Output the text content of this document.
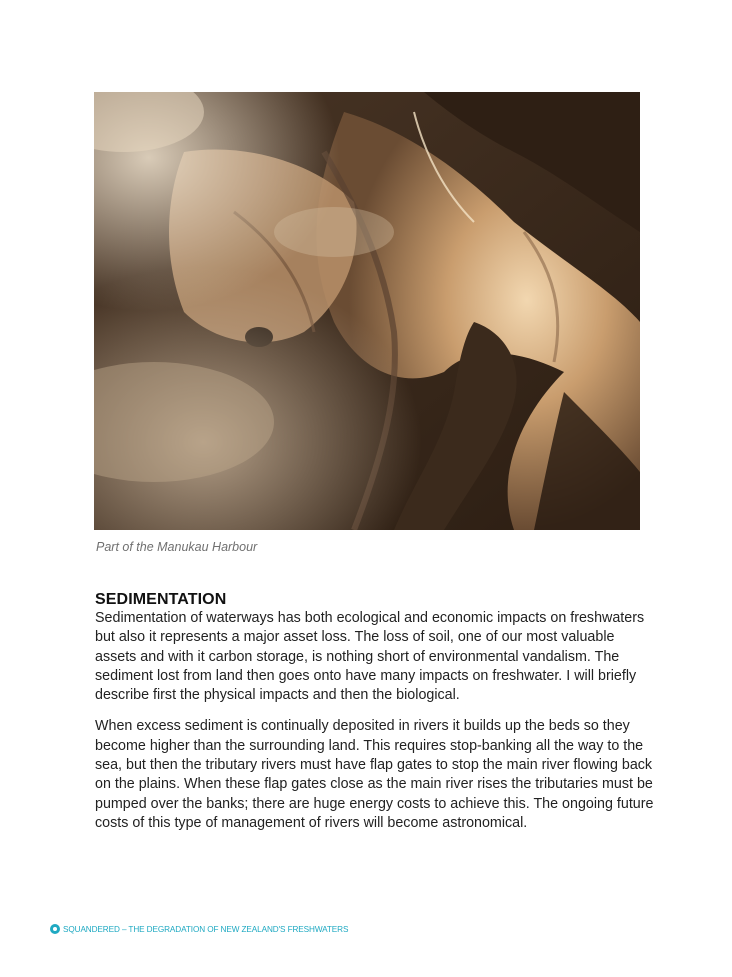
Part of the Manukau Harbour

SEDIMENTATION

Sedimentation of waterways has both ecological and economic impacts on freshwaters but also it represents a major asset loss. The loss of soil, one of our most valuable assets and with it carbon storage, is nothing short of environmental vandalism. The sediment lost from land then goes onto have many impacts on freshwater. I will briefly describe first the physical impacts and then the biological.

When excess sediment is continually deposited in rivers it builds up the beds so they become higher than the surrounding land. This requires stop-banking all the way to the sea, but then the tributary rivers must have flap gates to stop the main river flowing back on the plains. When these flap gates close as the main river rises the tributaries must be pumped over the banks; there are huge energy costs to achieve this. The ongoing future costs of this type of management of rivers will become astronomical.

SQUANDERED – THE DEGRADATION OF NEW ZEALAND'S FRESHWATERS
